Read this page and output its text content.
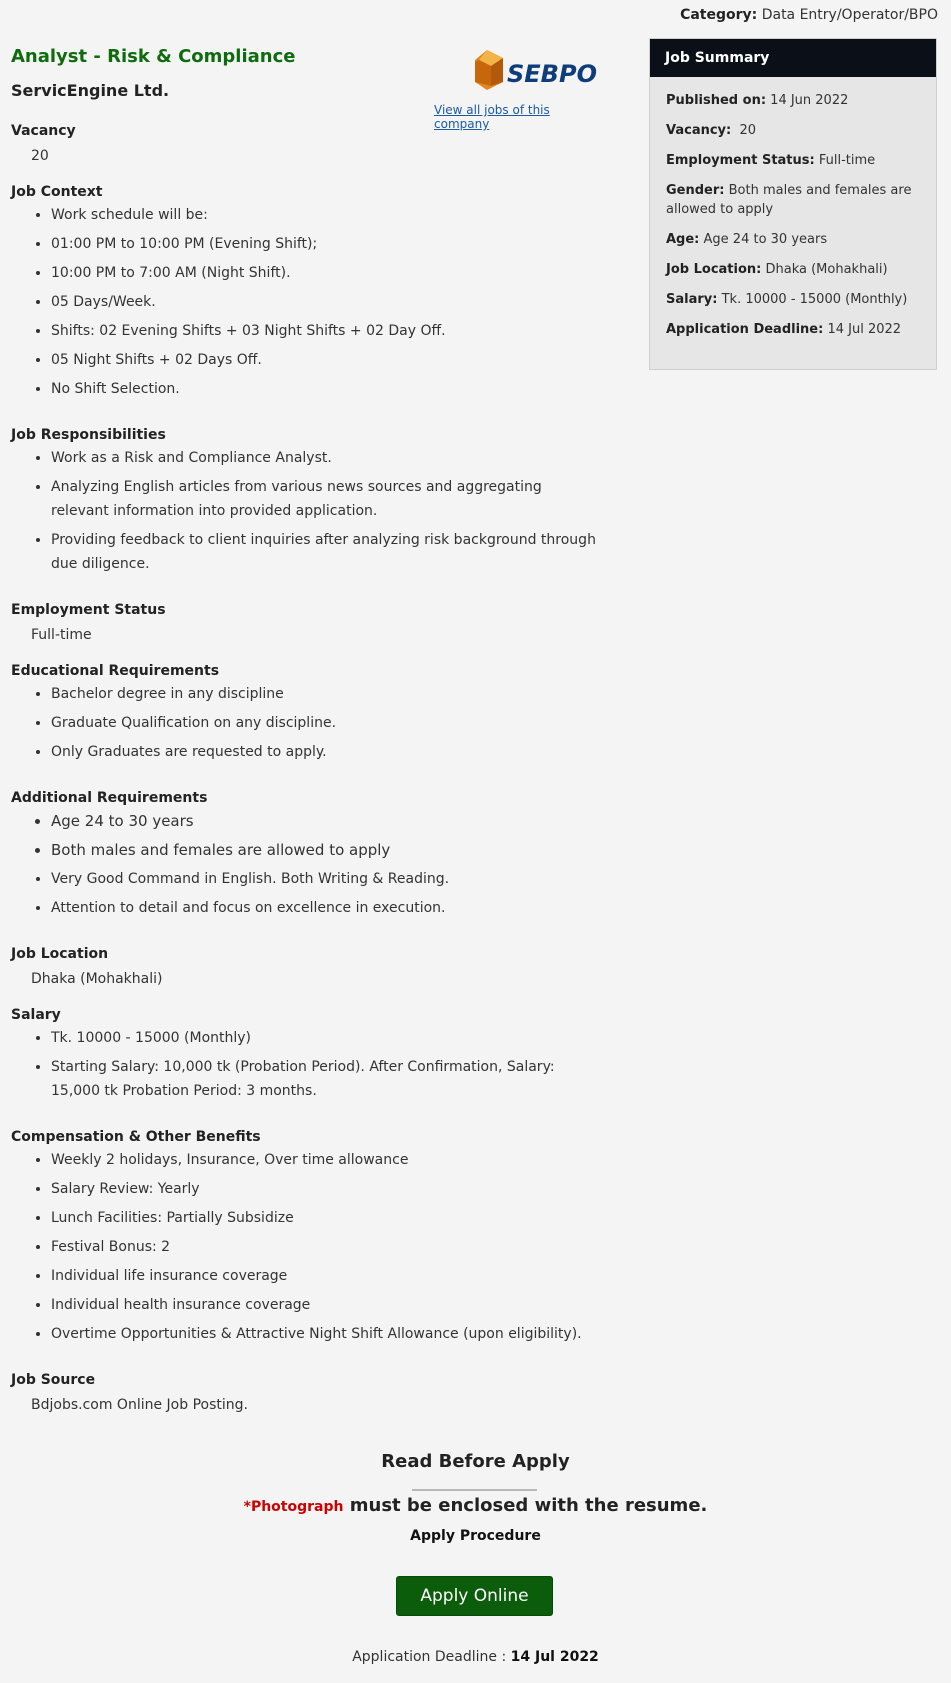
Category: Data Entry/Operator/BPO
Analyst - Risk & Compliance
ServicEngine Ltd.
SEBPO
View all jobs of this company
Vacancy
20
Job Context
• Work schedule will be:
• 01:00 PM to 10:00 PM (Evening Shift);
• 10:00 PM to 7:00 AM (Night Shift).
• 05 Days/Week.
• Shifts: 02 Evening Shifts + 03 Night Shifts + 02 Day Off.
• 05 Night Shifts + 02 Days Off.
• No Shift Selection.
Job Responsibilities
• Work as a Risk and Compliance Analyst.
• Analyzing English articles from various news sources and aggregating relevant information into provided application.
• Providing feedback to client inquiries after analyzing risk background through due diligence.
Employment Status
Full-time
Educational Requirements
• Bachelor degree in any discipline
• Graduate Qualification on any discipline.
• Only Graduates are requested to apply.
Additional Requirements
• Age 24 to 30 years
• Both males and females are allowed to apply
• Very Good Command in English. Both Writing & Reading.
• Attention to detail and focus on excellence in execution.
Job Location
Dhaka (Mohakhali)
Salary
• Tk. 10000 - 15000 (Monthly)
• Starting Salary: 10,000 tk (Probation Period). After Confirmation, Salary: 15,000 tk Probation Period: 3 months.
Compensation & Other Benefits
• Weekly 2 holidays, Insurance, Over time allowance
• Salary Review: Yearly
• Lunch Facilities: Partially Subsidize
• Festival Bonus: 2
• Individual life insurance coverage
• Individual health insurance coverage
• Overtime Opportunities & Attractive Night Shift Allowance (upon eligibility).
Job Source
Bdjobs.com Online Job Posting.
Job Summary
Published on: 14 Jun 2022
Vacancy: 20
Employment Status: Full-time
Gender: Both males and females are allowed to apply
Age: Age 24 to 30 years
Job Location: Dhaka (Mohakhali)
Salary: Tk. 10000 - 15000 (Monthly)
Application Deadline: 14 Jul 2022
Read Before Apply
*Photograph must be enclosed with the resume.
Apply Procedure
Apply Online
Application Deadline : 14 Jul 2022
